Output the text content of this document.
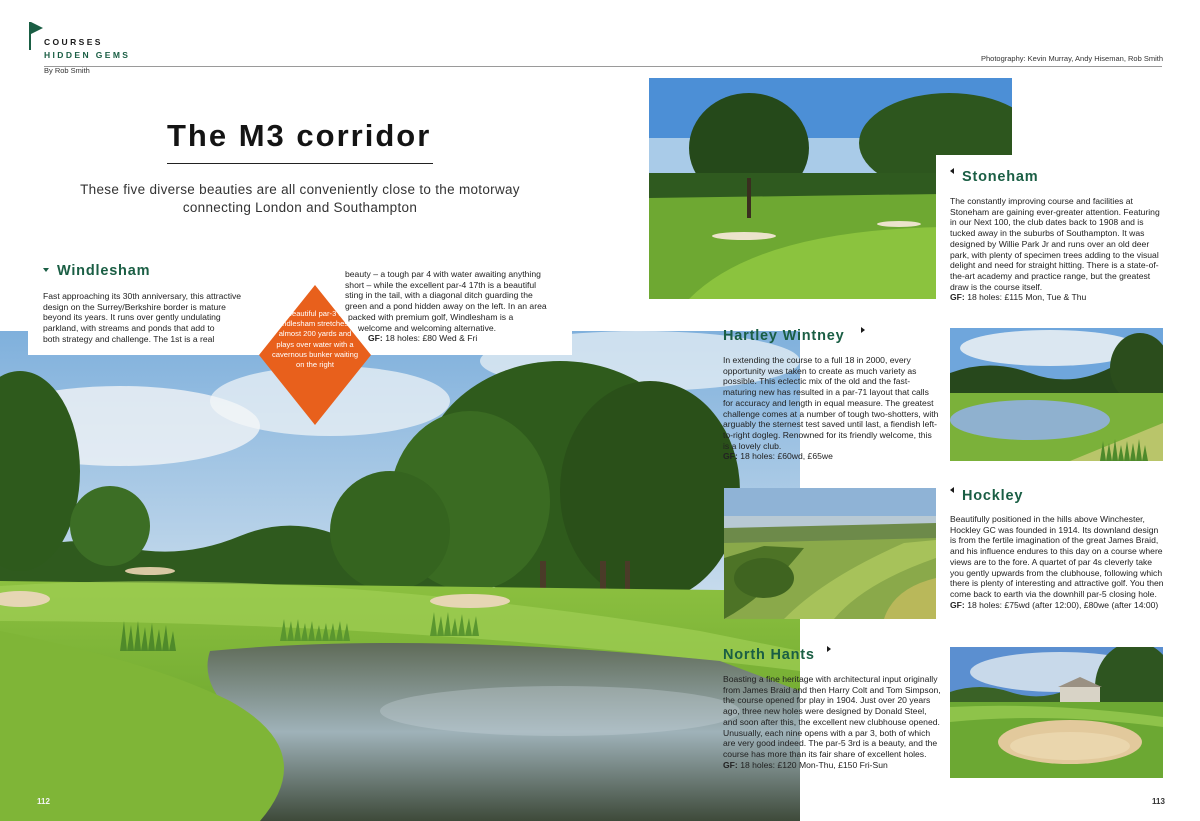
COURSES
HIDDEN GEMS
By Rob Smith
Photography: Kevin Murray, Andy Hiseman, Rob Smith
The M3 corridor
These five diverse beauties are all conveniently close to the motorway connecting London and Southampton
Windlesham
Fast approaching its 30th anniversary, this attractive
design on the Surrey/Berkshire border is mature
beyond its years. It runs over gently undulating
parkland, with streams and ponds that add to
both strategy and challenge. The 1st is a real
beauty – a tough par 4 with water awaiting anything
short – while the excellent par-4 17th is a beautiful
sting in the tail, with a diagonal ditch guarding the
green and a pond hidden away on the left. In an area
packed with premium golf, Windlesham is a
welcome and welcoming alternative.
GF: 18 holes: £80 Wed & Fri
The beautiful par-3 8th at Windlesham stretches to almost 200 yards and plays over water with a cavernous bunker waiting on the right
Stoneham
The constantly improving course and facilities at Stoneham are gaining ever-greater attention. Featuring in our Next 100, the club dates back to 1908 and is tucked away in the suburbs of Southampton. It was designed by Willie Park Jr and runs over an old deer park, with plenty of specimen trees adding to the visual delight and need for straight hitting. There is a state-of-the-art academy and practice range, but the greatest draw is the course itself.
GF: 18 holes: £115 Mon, Tue & Thu
Hartley Wintney
In extending the course to a full 18 in 2000, every opportunity was taken to create as much variety as possible. This eclectic mix of the old and the fast-maturing new has resulted in a par-71 layout that calls for accuracy and length in equal measure. The greatest challenge comes at a number of tough two-shotters, with arguably the sternest test saved until last, a fiendish left-to-right dogleg. Renowned for its friendly welcome, this is a lovely club.
GF: 18 holes: £60wd, £65we
Hockley
Beautifully positioned in the hills above Winchester, Hockley GC was founded in 1914. Its downland design is from the fertile imagination of the great James Braid, and his influence endures to this day on a course where views are to the fore. A quartet of par 4s cleverly take you gently upwards from the clubhouse, following which there is plenty of interesting and attractive golf. You then come back to earth via the downhill par-5 closing hole.
GF: 18 holes: £75wd (after 12:00), £80we (after 14:00)
North Hants
Boasting a fine heritage with architectural input originally from James Braid and then Harry Colt and Tom Simpson, the course opened for play in 1904. Just over 20 years ago, three new holes were designed by Donald Steel, and soon after this, the excellent new clubhouse opened. Unusually, each nine opens with a par 3, both of which are very good indeed. The par-5 3rd is a beauty, and the course has more than its fair share of excellent holes.
GF: 18 holes: £120 Mon-Thu, £150 Fri-Sun
112	113
